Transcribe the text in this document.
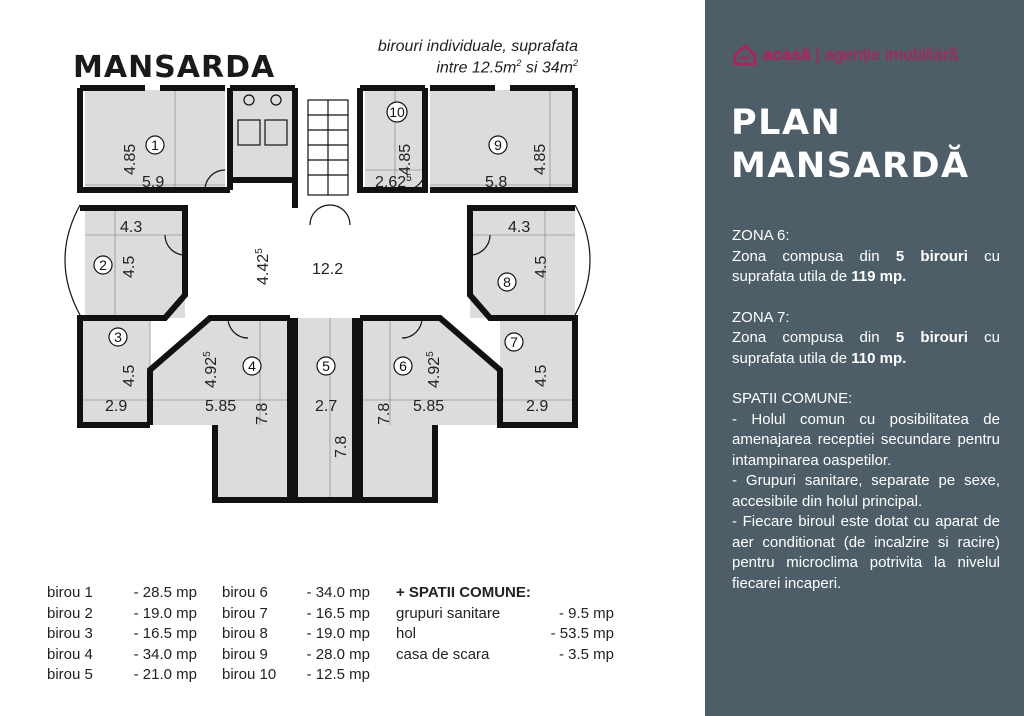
MANSARDA
birouri individuale, suprafata
intre $12.5m^2$ si $34m^2$
1
2
3
4	5	6
7
8
9
10
5.9
4.85
4.3
4.5
2.9
4.5
5.85
4.92$^5$
7.8	2.7
7.8
7.8 5.85
4.92$^5$
2.9
4.5
4.3
4.5
5.8
4.85
2.62$^5$
4.85
12.2
4.42$^5$
birou 1	- 28.5 mp
birou 2	- 19.0 mp
birou 3	- 16.5 mp
birou 4	- 34.0 mp
birou 5	- 21.0 mp
birou 6	- 34.0 mp
birou 7	- 16.5 mp
birou 8	- 19.0 mp
birou 9	- 28.0 mp
birou 10 - 12.5 mp
+ SPATII COMUNE:
grupuri sanitare	- 9.5 mp
hol	- 53.5 mp
casa de scara	- 3.5 mp
acasă | agenție imobiliară
PLAN
MANSARDĂ

ZONA 6:

Zona compusa din 5 birouri cu suprafata utila de 119 mp.

ZONA 7:

Zona compusa din 5 birouri cu suprafata utila de 110 mp.

SPATII COMUNE:

- Holul comun cu posibilitatea de amenajarea receptiei secundare pentru intampinarea oaspetilor.

- Grupuri sanitare, separate pe sexe, accesibile din holul principal.

- Fiecare biroul este dotat cu aparat de aer conditionat (de incalzire si racire) pentru microclima potrivita la nivelul fiecarei incaperi.
